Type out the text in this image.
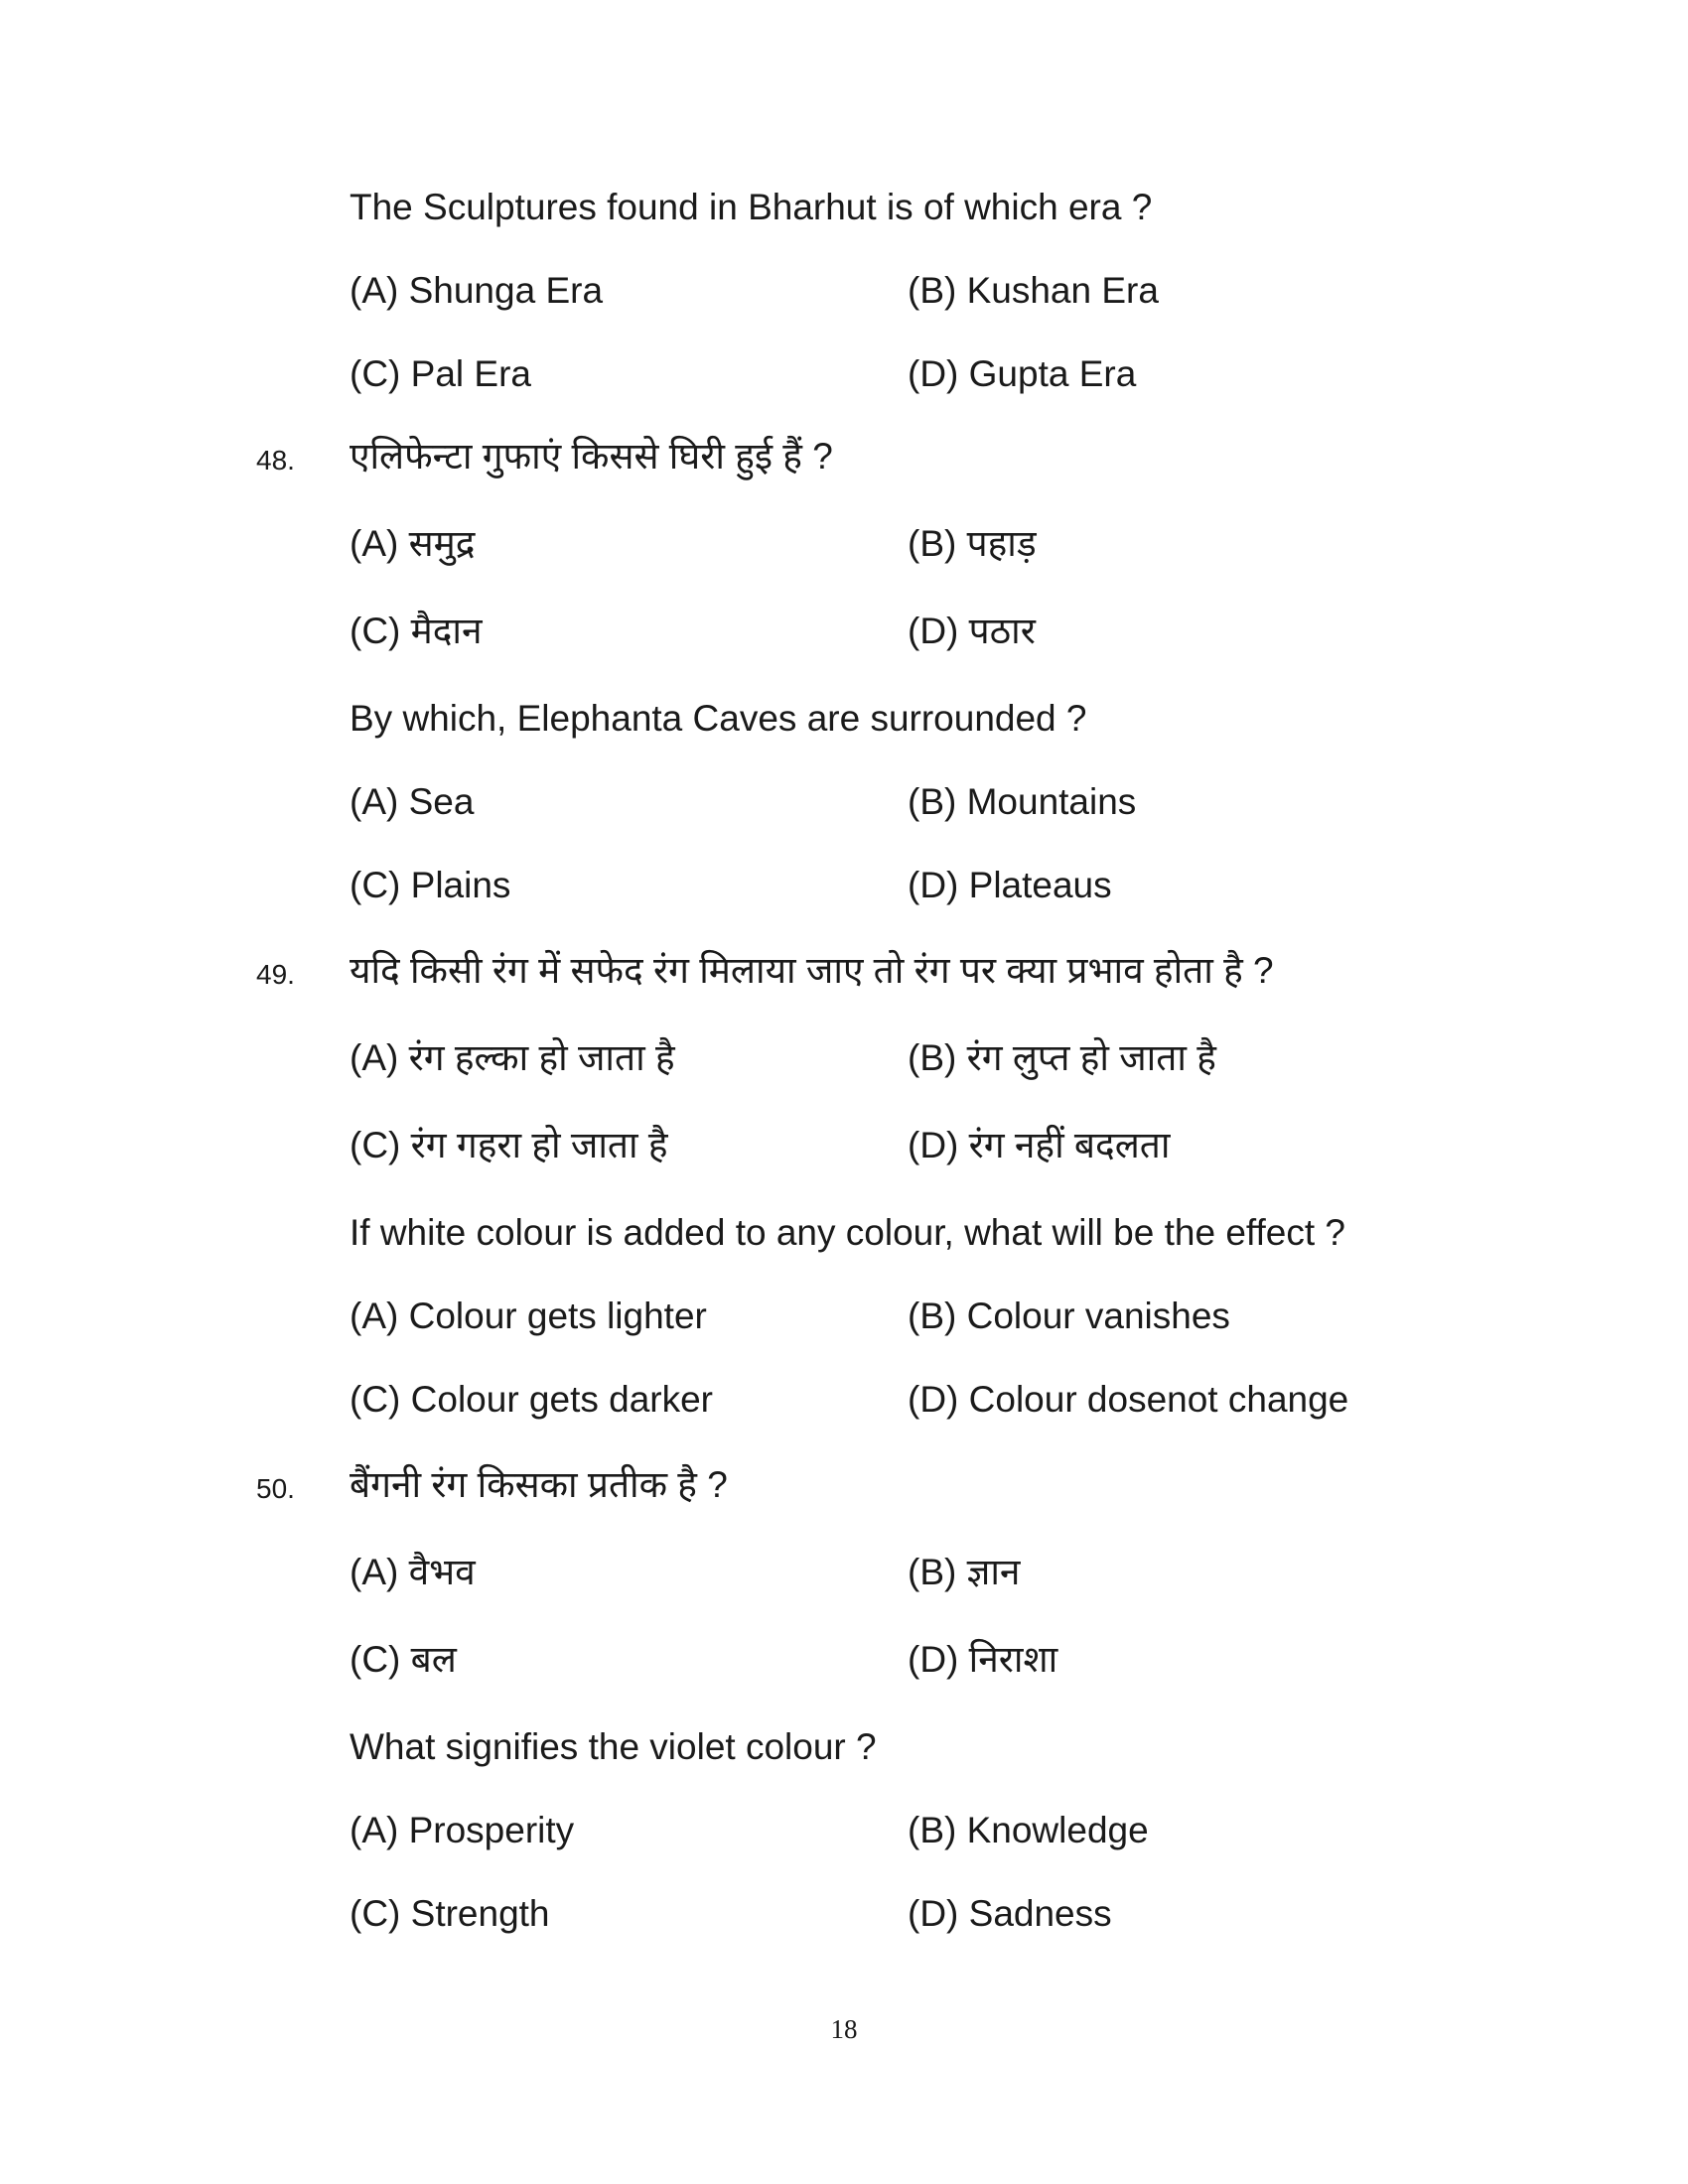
The Sculptures found in Bharhut is of which era ?
(A) Shunga Era	(B) Kushan Era
(C) Pal Era	(D) Gupta Era
48. एलिफेन्टा गुफाएं किससे घिरी हुई हैं ?
(A) समुद्र	(B) पहाड़
(C) मैदान	(D) पठार
By which, Elephanta Caves are surrounded ?
(A) Sea	(B) Mountains
(C) Plains	(D) Plateaus
49. यदि किसी रंग में सफेद रंग मिलाया जाए तो रंग पर क्या प्रभाव होता है ?
(A) रंग हल्का हो जाता है	(B) रंग लुप्त हो जाता है
(C) रंग गहरा हो जाता है	(D) रंग नहीं बदलता
If white colour is added to any colour, what will be the effect ?
(A) Colour gets lighter	(B) Colour vanishes
(C) Colour gets darker	(D) Colour dosenot change
50. बैंगनी रंग किसका प्रतीक है ?
(A) वैभव	(B) ज्ञान
(C) बल	(D) निराशा
What signifies the violet colour ?
(A) Prosperity	(B) Knowledge
(C) Strength	(D) Sadness
18
